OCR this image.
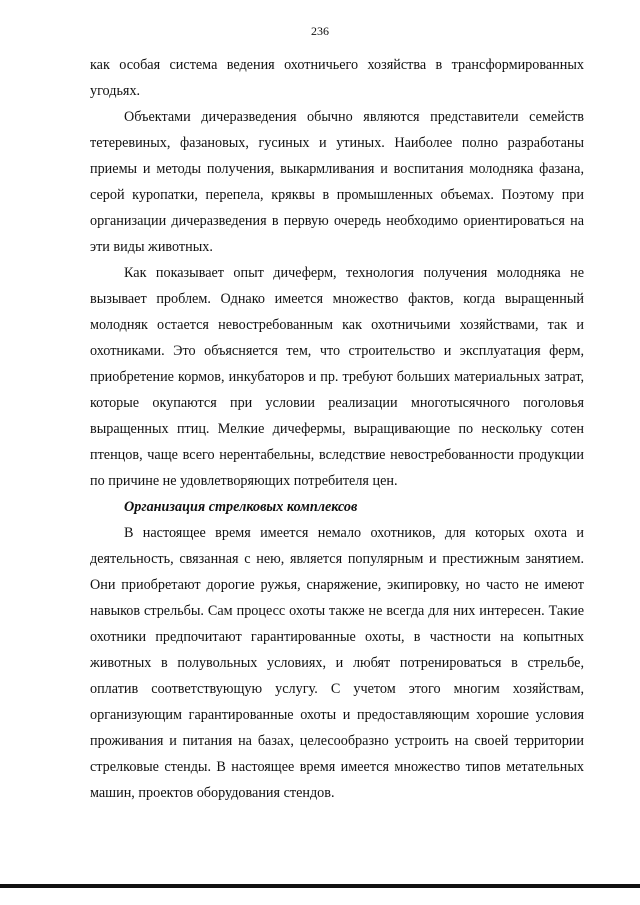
236

как особая система ведения охотничьего хозяйства в трансформированных угодьях.

Объектами дичеразведения обычно являются представители семейств тетеревиных, фазановых, гусиных и утиных. Наиболее полно разработаны приемы и методы получения, выкармливания и воспитания молодняка фазана, серой куропатки, перепела, кряквы в промышленных объемах. Поэтому при организации дичеразведения в первую очередь необходимо ориентироваться на эти виды животных.

Как показывает опыт дичеферм, технология получения молодняка не вызывает проблем. Однако имеется множество фактов, когда выращенный молодняк остается невостребованным как охотничьими хозяйствами, так и охотниками. Это объясняется тем, что строительство и эксплуатация ферм, приобретение кормов, инкубаторов и пр. требуют больших материальных затрат, которые окупаются при условии реализации многотысячного поголовья выращенных птиц. Мелкие дичефермы, выращивающие по нескольку сотен птенцов, чаще всего нерентабельны, вследствие невостребованности продукции по причине не удовлетворяющих потребителя цен.

Организация стрелковых комплексов

В настоящее время имеется немало охотников, для которых охота и деятельность, связанная с нею, является популярным и престижным занятием. Они приобретают дорогие ружья, снаряжение, экипировку, но часто не имеют навыков стрельбы. Сам процесс охоты также не всегда для них интересен. Такие охотники предпочитают гарантированные охоты, в частности на копытных животных в полувольных условиях, и любят потренироваться в стрельбе, оплатив соответствующую услугу. С учетом этого многим хозяйствам, организующим гарантированные охоты и предоставляющим хорошие условия проживания и питания на базах, целесообразно устроить на своей территории стрелковые стенды. В настоящее время имеется множество типов метательных машин, проектов оборудования стендов.
